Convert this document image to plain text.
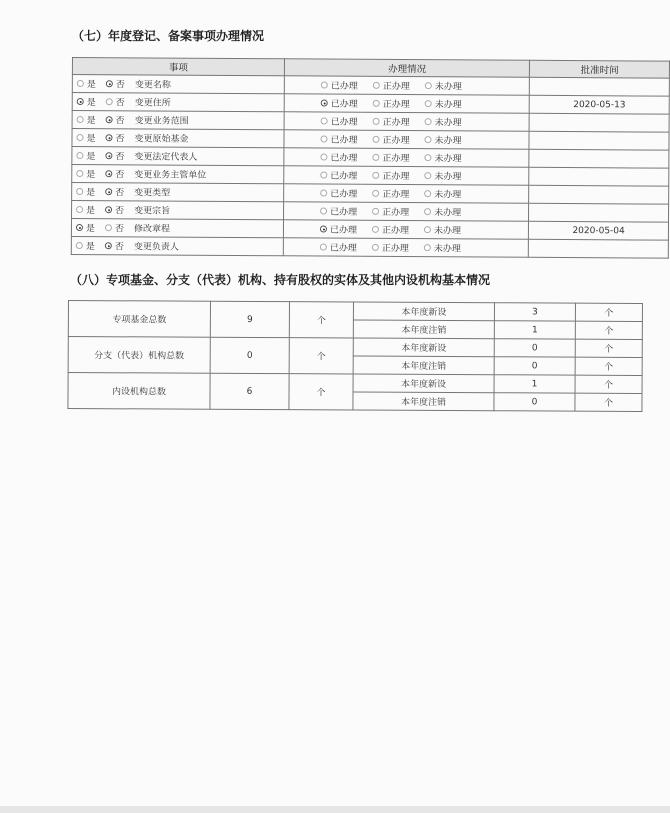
（七）年度登记、备案事项办理情况
事项	办理情况	批准时间

是 否 变更名称	已办理 正办理 未办理	

是 否 变更住所	已办理 正办理 未办理	2020-05-13

是 否 变更业务范围	已办理 正办理 未办理	

是 否 变更原始基金	已办理 正办理 未办理	

是 否 变更法定代表人	已办理 正办理 未办理	

是 否 变更业务主管单位	已办理 正办理 未办理	

是 否 变更类型	已办理 正办理 未办理	

是 否 变更宗旨	已办理 正办理 未办理	

是 否 修改章程	已办理 正办理 未办理	2020-05-04

是 否 变更负责人	已办理 正办理 未办理	

（八）专项基金、分支（代表）机构、持有股权的实体及其他内设机构基本情况
专项基金总数	9	个	本年度新设	3	个
			本年度注销	1	个
分支（代表）机构总数	0	个	本年度新设	0	个
			本年度注销	0	个
内设机构总数	6	个	本年度新设	1	个
			本年度注销	0	个
